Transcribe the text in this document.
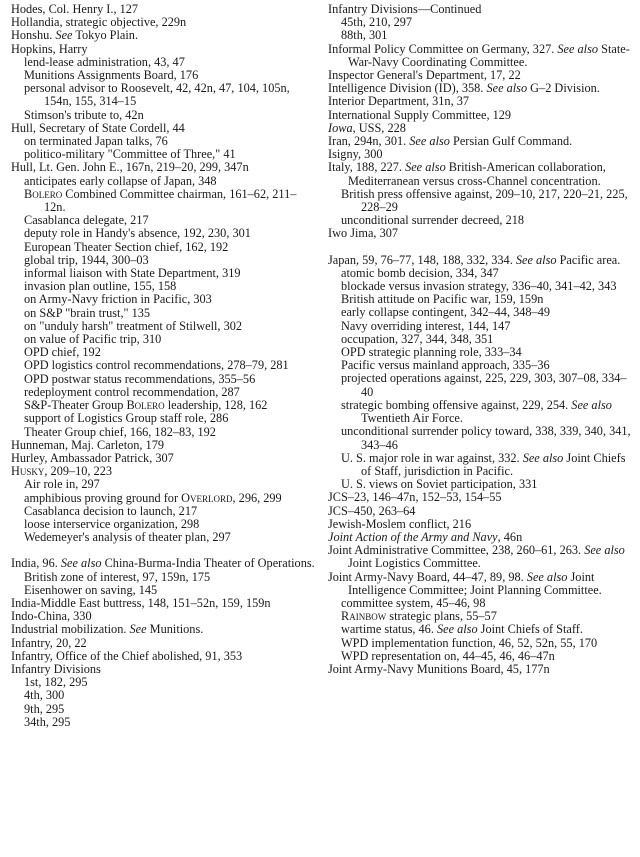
Hodes, Col. Henry I., 127
Hollandia, strategic objective, 229n
Honshu. See Tokyo Plain.
Hopkins, Harry
lend-lease administration, 43, 47
Munitions Assignments Board, 176
personal advisor to Roosevelt, 42, 42n, 47, 104, 105n, 154n, 155, 314–15
Stimson's tribute to, 42n
Hull, Secretary of State Cordell, 44
on terminated Japan talks, 76
politico-military "Committee of Three," 41
Hull, Lt. Gen. John E., 167n, 219–20, 299, 347n
anticipates early collapse of Japan, 348
Bolero Combined Committee chairman, 161–62, 211–12n.
Casablanca delegate, 217
deputy role in Handy's absence, 192, 230, 301
European Theater Section chief, 162, 192
global trip, 1944, 300–03
informal liaison with State Department, 319
invasion plan outline, 155, 158
on Army-Navy friction in Pacific, 303
on S&P "brain trust," 135
on "unduly harsh" treatment of Stilwell, 302
on value of Pacific trip, 310
OPD chief, 192
OPD logistics control recommendations, 278–79, 281
OPD postwar status recommendations, 355–56
redeployment control recommendation, 287
S&P-Theater Group Bolero leadership, 128, 162
support of Logistics Group staff role, 286
Theater Group chief, 166, 182–83, 192
Hunneman, Maj. Carleton, 179
Hurley, Ambassador Patrick, 307
Husky, 209–10, 223
Air role in, 297
amphibious proving ground for Overlord, 296, 299
Casablanca decision to launch, 217
loose interservice organization, 298
Wedemeyer's analysis of theater plan, 297
India, 96. See also China-Burma-India Theater of Operations.
British zone of interest, 97, 159n, 175
Eisenhower on saving, 145
India-Middle East buttress, 148, 151–52n, 159, 159n
Indo-China, 330
Industrial mobilization. See Munitions.
Infantry, 20, 22
Infantry, Office of the Chief abolished, 91, 353
Infantry Divisions
1st, 182, 295
4th, 300
9th, 295
34th, 295
Infantry Divisions—Continued
45th, 210, 297
88th, 301
Informal Policy Committee on Germany, 327. See also State-War-Navy Coordinating Committee.
Inspector General's Department, 17, 22
Intelligence Division (ID), 358. See also G–2 Division.
Interior Department, 31n, 37
International Supply Committee, 129
Iowa, USS, 228
Iran, 294n, 301. See also Persian Gulf Command.
Isigny, 300
Italy, 188, 227. See also British-American collaboration, Mediterranean versus cross-Channel concentration.
British press offensive against, 209–10, 217, 220–21, 225, 228–29
unconditional surrender decreed, 218
Iwo Jima, 307
Japan, 59, 76–77, 148, 188, 332, 334. See also Pacific area.
atomic bomb decision, 334, 347
blockade versus invasion strategy, 336–40, 341–42, 343
British attitude on Pacific war, 159, 159n
early collapse contingent, 342–44, 348–49
Navy overriding interest, 144, 147
occupation, 327, 344, 348, 351
OPD strategic planning role, 333–34
Pacific versus mainland approach, 335–36
projected operations against, 225, 229, 303, 307–08, 334–40
strategic bombing offensive against, 229, 254. See also Twentieth Air Force.
unconditional surrender policy toward, 338, 339, 340, 341, 343–46
U. S. major role in war against, 332. See also Joint Chiefs of Staff, jurisdiction in Pacific.
U. S. views on Soviet participation, 331
JCS–23, 146–47n, 152–53, 154–55
JCS–450, 263–64
Jewish-Moslem conflict, 216
Joint Action of the Army and Navy, 46n
Joint Administrative Committee, 238, 260–61, 263. See also Joint Logistics Committee.
Joint Army-Navy Board, 44–47, 89, 98. See also Joint Intelligence Committee; Joint Planning Committee.
committee system, 45–46, 98
Rainbow strategic plans, 55–57
wartime status, 46. See also Joint Chiefs of Staff.
WPD implementation function, 46, 52, 52n, 55, 170
WPD representation on, 44–45, 46, 46–47n
Joint Army-Navy Munitions Board, 45, 177n
